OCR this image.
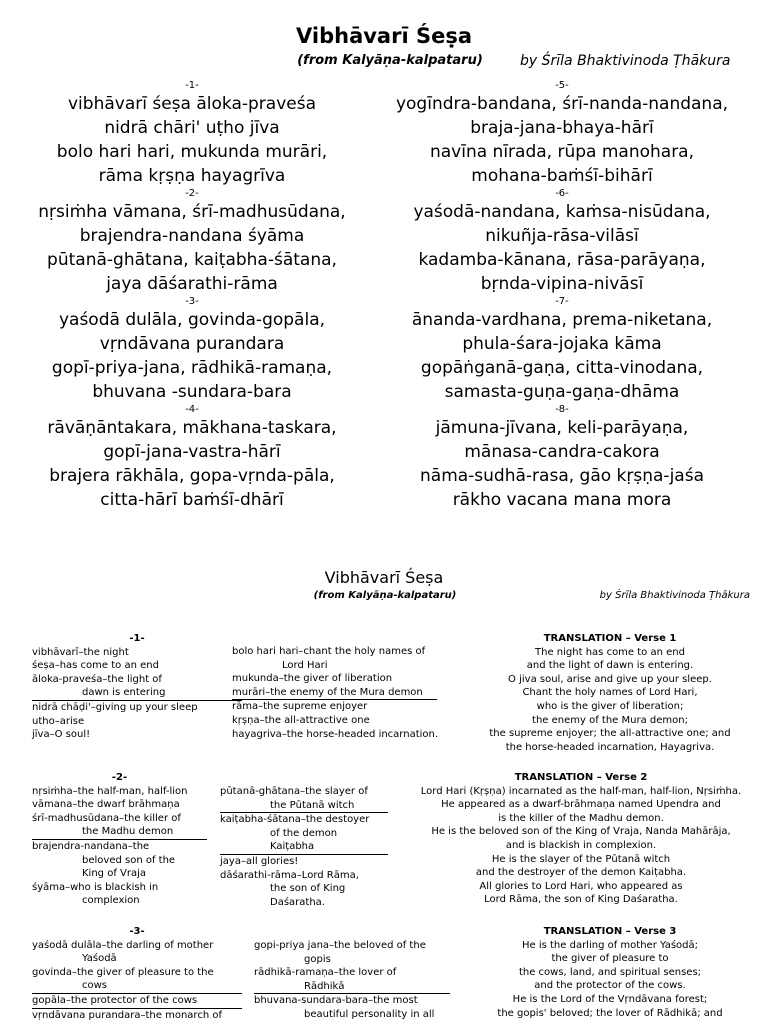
Vibhāvarī Śeṣa
(from Kalyāṇa-kalpataru)	by Śrīla Bhaktivinoda Ṭhākura
-1-
vibhāvarī śeṣa āloka-praveśa
nidrā chāri' uṭho jīva
bolo hari hari, mukunda murāri,
rāma kṛṣṇa hayagrīva
-2-
nṛsiṁha vāmana, śrī-madhusūdana,
brajendra-nandana śyāma
pūtanā-ghātana, kaiṭabha-śātana,
jaya dāśarathi-rāma
-3-
yaśodā dulāla, govinda-gopāla,
vṛndāvana purandara
gopī-priya-jana, rādhikā-ramaṇa,
bhuvana -sundara-bara
-4-
rāvāṇāntakara, mākhana-taskara,
gopī-jana-vastra-hārī
brajera rākhāla, gopa-vṛnda-pāla,
citta-hārī baṁśī-dhārī
-5-
yogīndra-bandana, śrī-nanda-nandana,
braja-jana-bhaya-hārī
navīna nīrada, rūpa manohara,
mohana-baṁśī-bihārī
-6-
yaśodā-nandana, kaṁsa-nisūdana,
nikuñja-rāsa-vilāsī
kadamba-kānana, rāsa-parāyaṇa,
bṛnda-vipina-nivāsī
-7-
ānanda-vardhana, prema-niketana,
phula-śara-jojaka kāma
gopāṅganā-gaṇa, citta-vinodana,
samasta-guṇa-gaṇa-dhāma
-8-
jāmuna-jīvana, keli-parāyaṇa,
mānasa-candra-cakora
nāma-sudhā-rasa, gāo kṛṣṇa-jaśa
rākho vacana mana mora
Vibhāvarī Śeṣa
(from Kalyāṇa-kalpataru)	by Śrīla Bhaktivinoda Ṭhākura
-1-
vibhāvarī–the night
śeṣa–has come to an end
āloka-praveśa–the light of
dawn is entering
nidrā chāḍi'–giving up your sleep
utho–arise
jīva–O soul!
bolo hari hari–chant the holy names of
Lord Hari
mukunda–the giver of liberation
murāri–the enemy of the Mura demon
rāma–the supreme enjoyer
kṛṣṇa–the all-attractive one
hayagriva–the horse-headed incarnation.
TRANSLATION – Verse 1
The night has come to an end
and the light of dawn is entering.
O jiva soul, arise and give up your sleep.
Chant the holy names of Lord Hari,
who is the giver of liberation;
the enemy of the Mura demon;
the supreme enjoyer; the all-attractive one; and
the horse-headed incarnation, Hayagriva.
-2-
nṛsiṁha–the half-man, half-lion
vāmana–the dwarf brāhmaṇa
śrī-madhusūdana–the killer of
the Madhu demon
brajendra-nandana–the
beloved son of the
King of Vraja
śyāma–who is blackish in
complexion
pūtanā-ghātana–the slayer of
the Pūtanā witch
kaiṭabha-śātana–the destoyer
of the demon
Kaiṭabha
jaya–all glories!
dāśarathi-rāma–Lord Rāma,
the son of King
Daśaratha.
TRANSLATION – Verse 2
Lord Hari (Kṛṣṇa) incarnated as the half-man, half-lion, Nṛsiṁha.
He appeared as a dwarf-brāhmaṇa named Upendra and
is the killer of the Madhu demon.
He is the beloved son of the King of Vraja, Nanda Mahārāja,
and is blackish in complexion.
He is the slayer of the Pūtanā witch
and the destroyer of the demon Kaiṭabha.
All glories to Lord Hari, who appeared as
Lord Rāma, the son of King Daśaratha.
-3-
yaśodā dulāla–the darling of mother
Yaśodā
govinda–the giver of pleasure to the
cows
gopāla–the protector of the cows
vṛndāvana purandara–the monarch of
gopi-priya jana–the beloved of the
gopis
rādhikā-ramaṇa–the lover of
Rādhikā
bhuvana-sundara-bara–the most
beautiful personality in all
TRANSLATION – Verse 3
He is the darling of mother Yaśodā;
the giver of pleasure to
the cows, land, and spiritual senses;
and the protector of the cows.
He is the Lord of the Vṛndāvana forest;
the gopis' beloved; the lover of Rādhikā; and
